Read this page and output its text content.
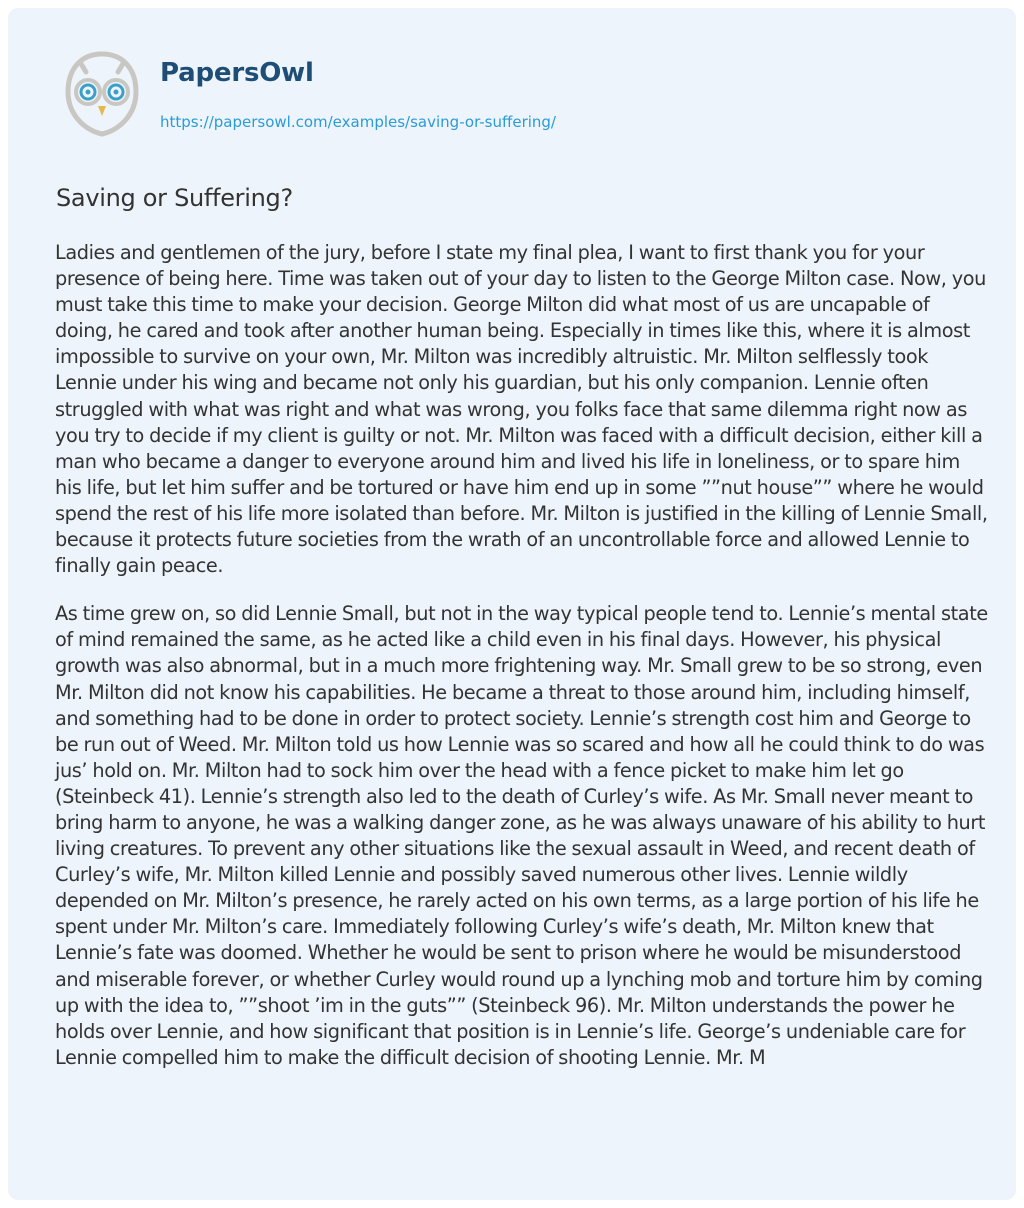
PapersOwl
https://papersowl.com/examples/saving-or-suffering/
Saving or Suffering?

Ladies and gentlemen of the jury, before I state my final plea, I want to first thank you for your presence of being here. Time was taken out of your day to listen to the George Milton case. Now, you must take this time to make your decision. George Milton did what most of us are uncapable of doing, he cared and took after another human being. Especially in times like this, where it is almost impossible to survive on your own, Mr. Milton was incredibly altruistic. Mr. Milton selflessly took Lennie under his wing and became not only his guardian, but his only companion. Lennie often struggled with what was right and what was wrong, you folks face that same dilemma right now as you try to decide if my client is guilty or not. Mr. Milton was faced with a difficult decision, either kill a man who became a danger to everyone around him and lived his life in loneliness, or to spare him his life, but let him suffer and be tortured or have him end up in some ””nut house”” where he would spend the rest of his life more isolated than before. Mr. Milton is justified in the killing of Lennie Small, because it protects future societies from the wrath of an uncontrollable force and allowed Lennie to finally gain peace.

As time grew on, so did Lennie Small, but not in the way typical people tend to. Lennie’s mental state of mind remained the same, as he acted like a child even in his final days. However, his physical growth was also abnormal, but in a much more frightening way. Mr. Small grew to be so strong, even Mr. Milton did not know his capabilities. He became a threat to those around him, including himself, and something had to be done in order to protect society. Lennie’s strength cost him and George to be run out of Weed. Mr. Milton told us how Lennie was so scared and how all he could think to do was jus’ hold on. Mr. Milton had to sock him over the head with a fence picket to make him let go (Steinbeck 41). Lennie’s strength also led to the death of Curley’s wife. As Mr. Small never meant to bring harm to anyone, he was a walking danger zone, as he was always unaware of his ability to hurt living creatures. To prevent any other situations like the sexual assault in Weed, and recent death of Curley’s wife, Mr. Milton killed Lennie and possibly saved numerous other lives. Lennie wildly depended on Mr. Milton’s presence, he rarely acted on his own terms, as a large portion of his life he spent under Mr. Milton’s care. Immediately following Curley’s wife’s death, Mr. Milton knew that Lennie’s fate was doomed. Whether he would be sent to prison where he would be misunderstood and miserable forever, or whether Curley would round up a lynching mob and torture him by coming up with the idea to, ””shoot ’im in the guts”” (Steinbeck 96). Mr. Milton understands the power he holds over Lennie, and how significant that position is in Lennie’s life. George’s undeniable care for Lennie compelled him to make the difficult decision of shooting Lennie. Mr. M
